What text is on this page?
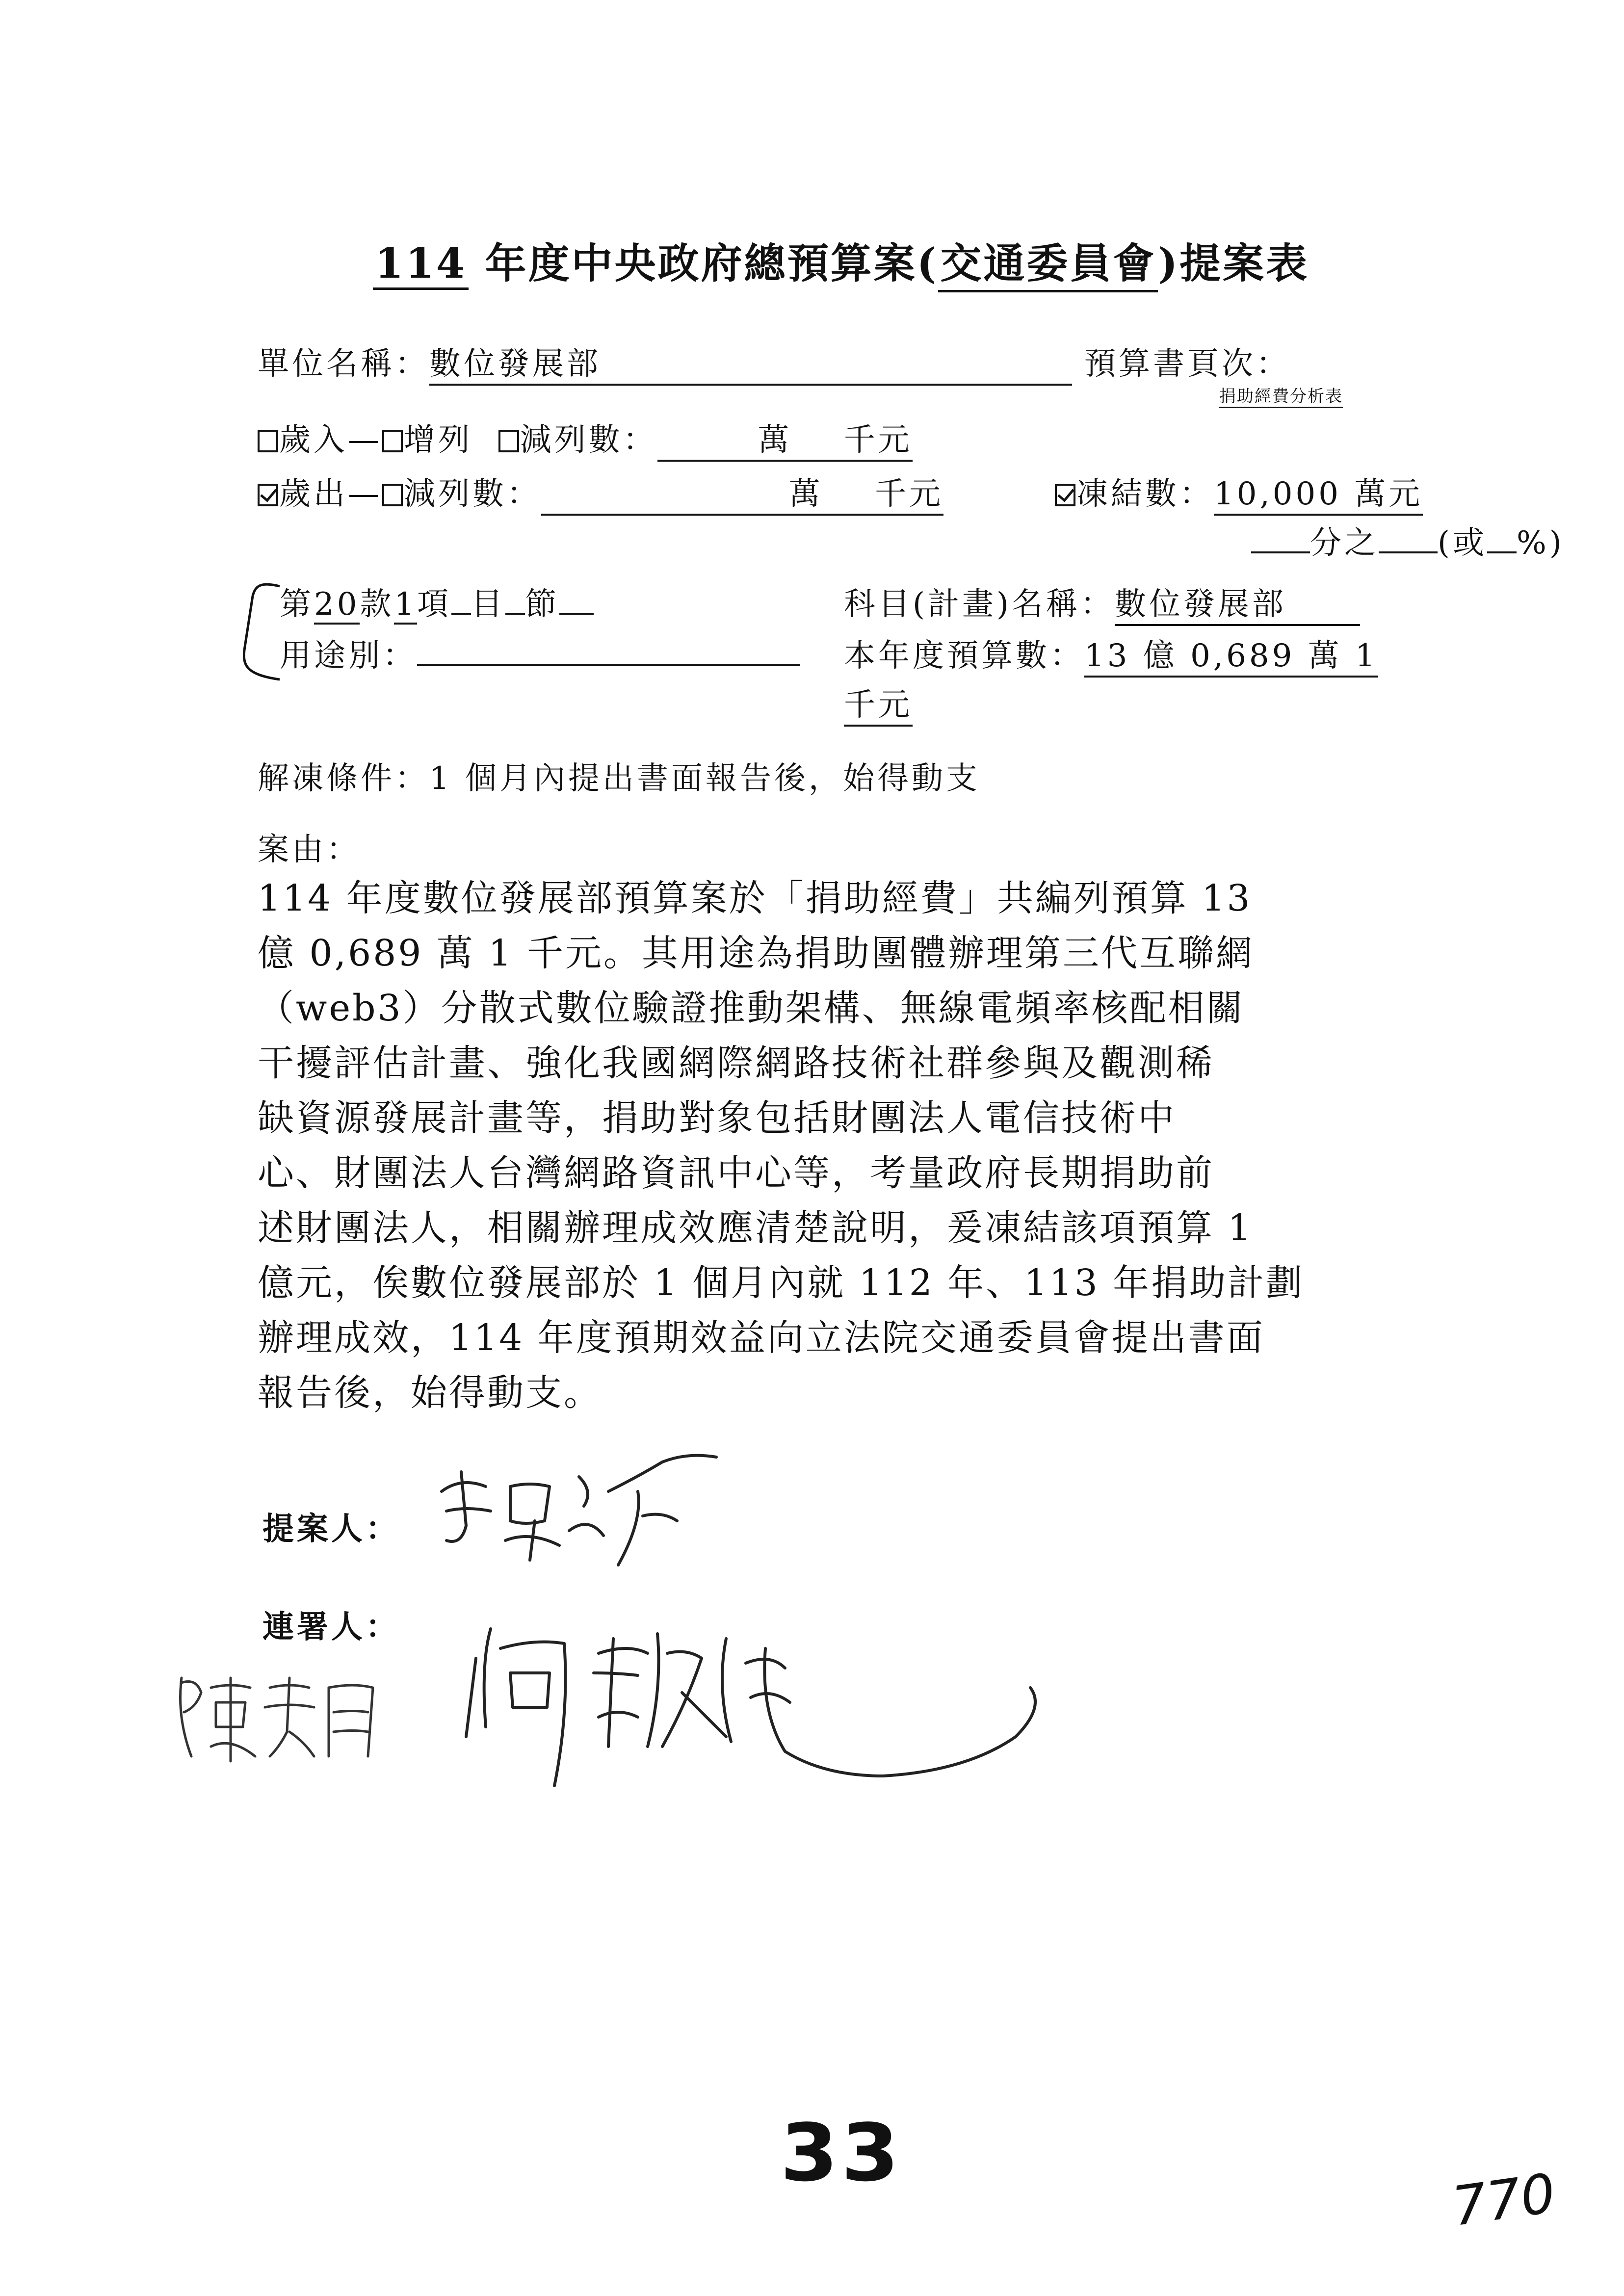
114 年度中央政府總預算案(交通委員會)提案表
單位名稱：數位發展部	預算書頁次：
捐助經費分析表
歲入— 增列 減列數：	萬 千元
歲出— 減列數：	萬 千元	凍結數：10,000 萬元
分之 (或 %)
第20款1項 目 節
用途別：
科目(計畫)名稱：數位發展部
本年度預算數：13 億 0,689 萬 1
千元
解凍條件：1 個月內提出書面報告後，始得動支
案由：
114 年度數位發展部預算案於「捐助經費」共編列預算 13
億 0,689 萬 1 千元。其用途為捐助團體辦理第三代互聯網
（web3）分散式數位驗證推動架構、無線電頻率核配相關
干擾評估計畫、強化我國網際網路技術社群參與及觀測稀
缺資源發展計畫等，捐助對象包括財團法人電信技術中
心、財團法人台灣網路資訊中心等，考量政府長期捐助前
述財團法人，相關辦理成效應清楚說明，爰凍結該項預算 1
億元，俟數位發展部於 1 個月內就 112 年、113 年捐助計劃
辦理成效，114 年度預期效益向立法院交通委員會提出書面
報告後，始得動支。
提案人：
連署人：
33
770
